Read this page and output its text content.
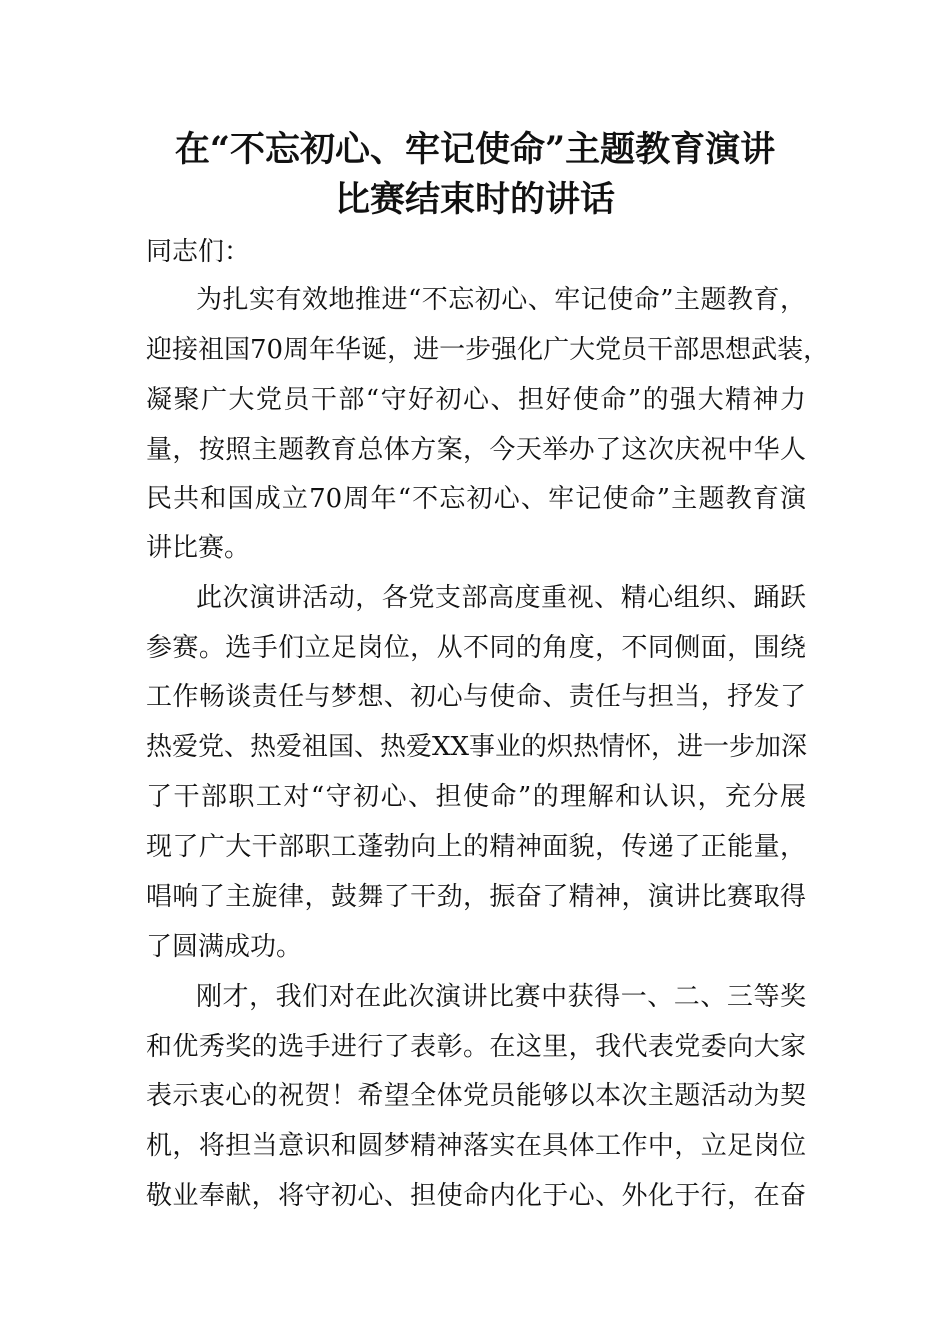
在“不忘初心、牢记使命”主题教育演讲
比赛结束时的讲话
同志们：
为扎实有效地推进“不忘初心、牢记使命”主题教育，
迎接祖国70周年华诞，进一步强化广大党员干部思想武装，
凝聚广大党员干部“守好初心、担好使命”的强大精神力
量，按照主题教育总体方案，今天举办了这次庆祝中华人
民共和国成立70周年“不忘初心、牢记使命”主题教育演
讲比赛。
此次演讲活动，各党支部高度重视、精心组织、踊跃
参赛。选手们立足岗位，从不同的角度，不同侧面，围绕
工作畅谈责任与梦想、初心与使命、责任与担当，抒发了
热爱党、热爱祖国、热爱XX事业的炽热情怀，进一步加深
了干部职工对“守初心、担使命”的理解和认识，充分展
现了广大干部职工蓬勃向上的精神面貌，传递了正能量，
唱响了主旋律，鼓舞了干劲，振奋了精神，演讲比赛取得
了圆满成功。
刚才，我们对在此次演讲比赛中获得一、二、三等奖
和优秀奖的选手进行了表彰。在这里，我代表党委向大家
表示衷心的祝贺！希望全体党员能够以本次主题活动为契
机，将担当意识和圆梦精神落实在具体工作中，立足岗位
敬业奉献，将守初心、担使命内化于心、外化于行，在奋
